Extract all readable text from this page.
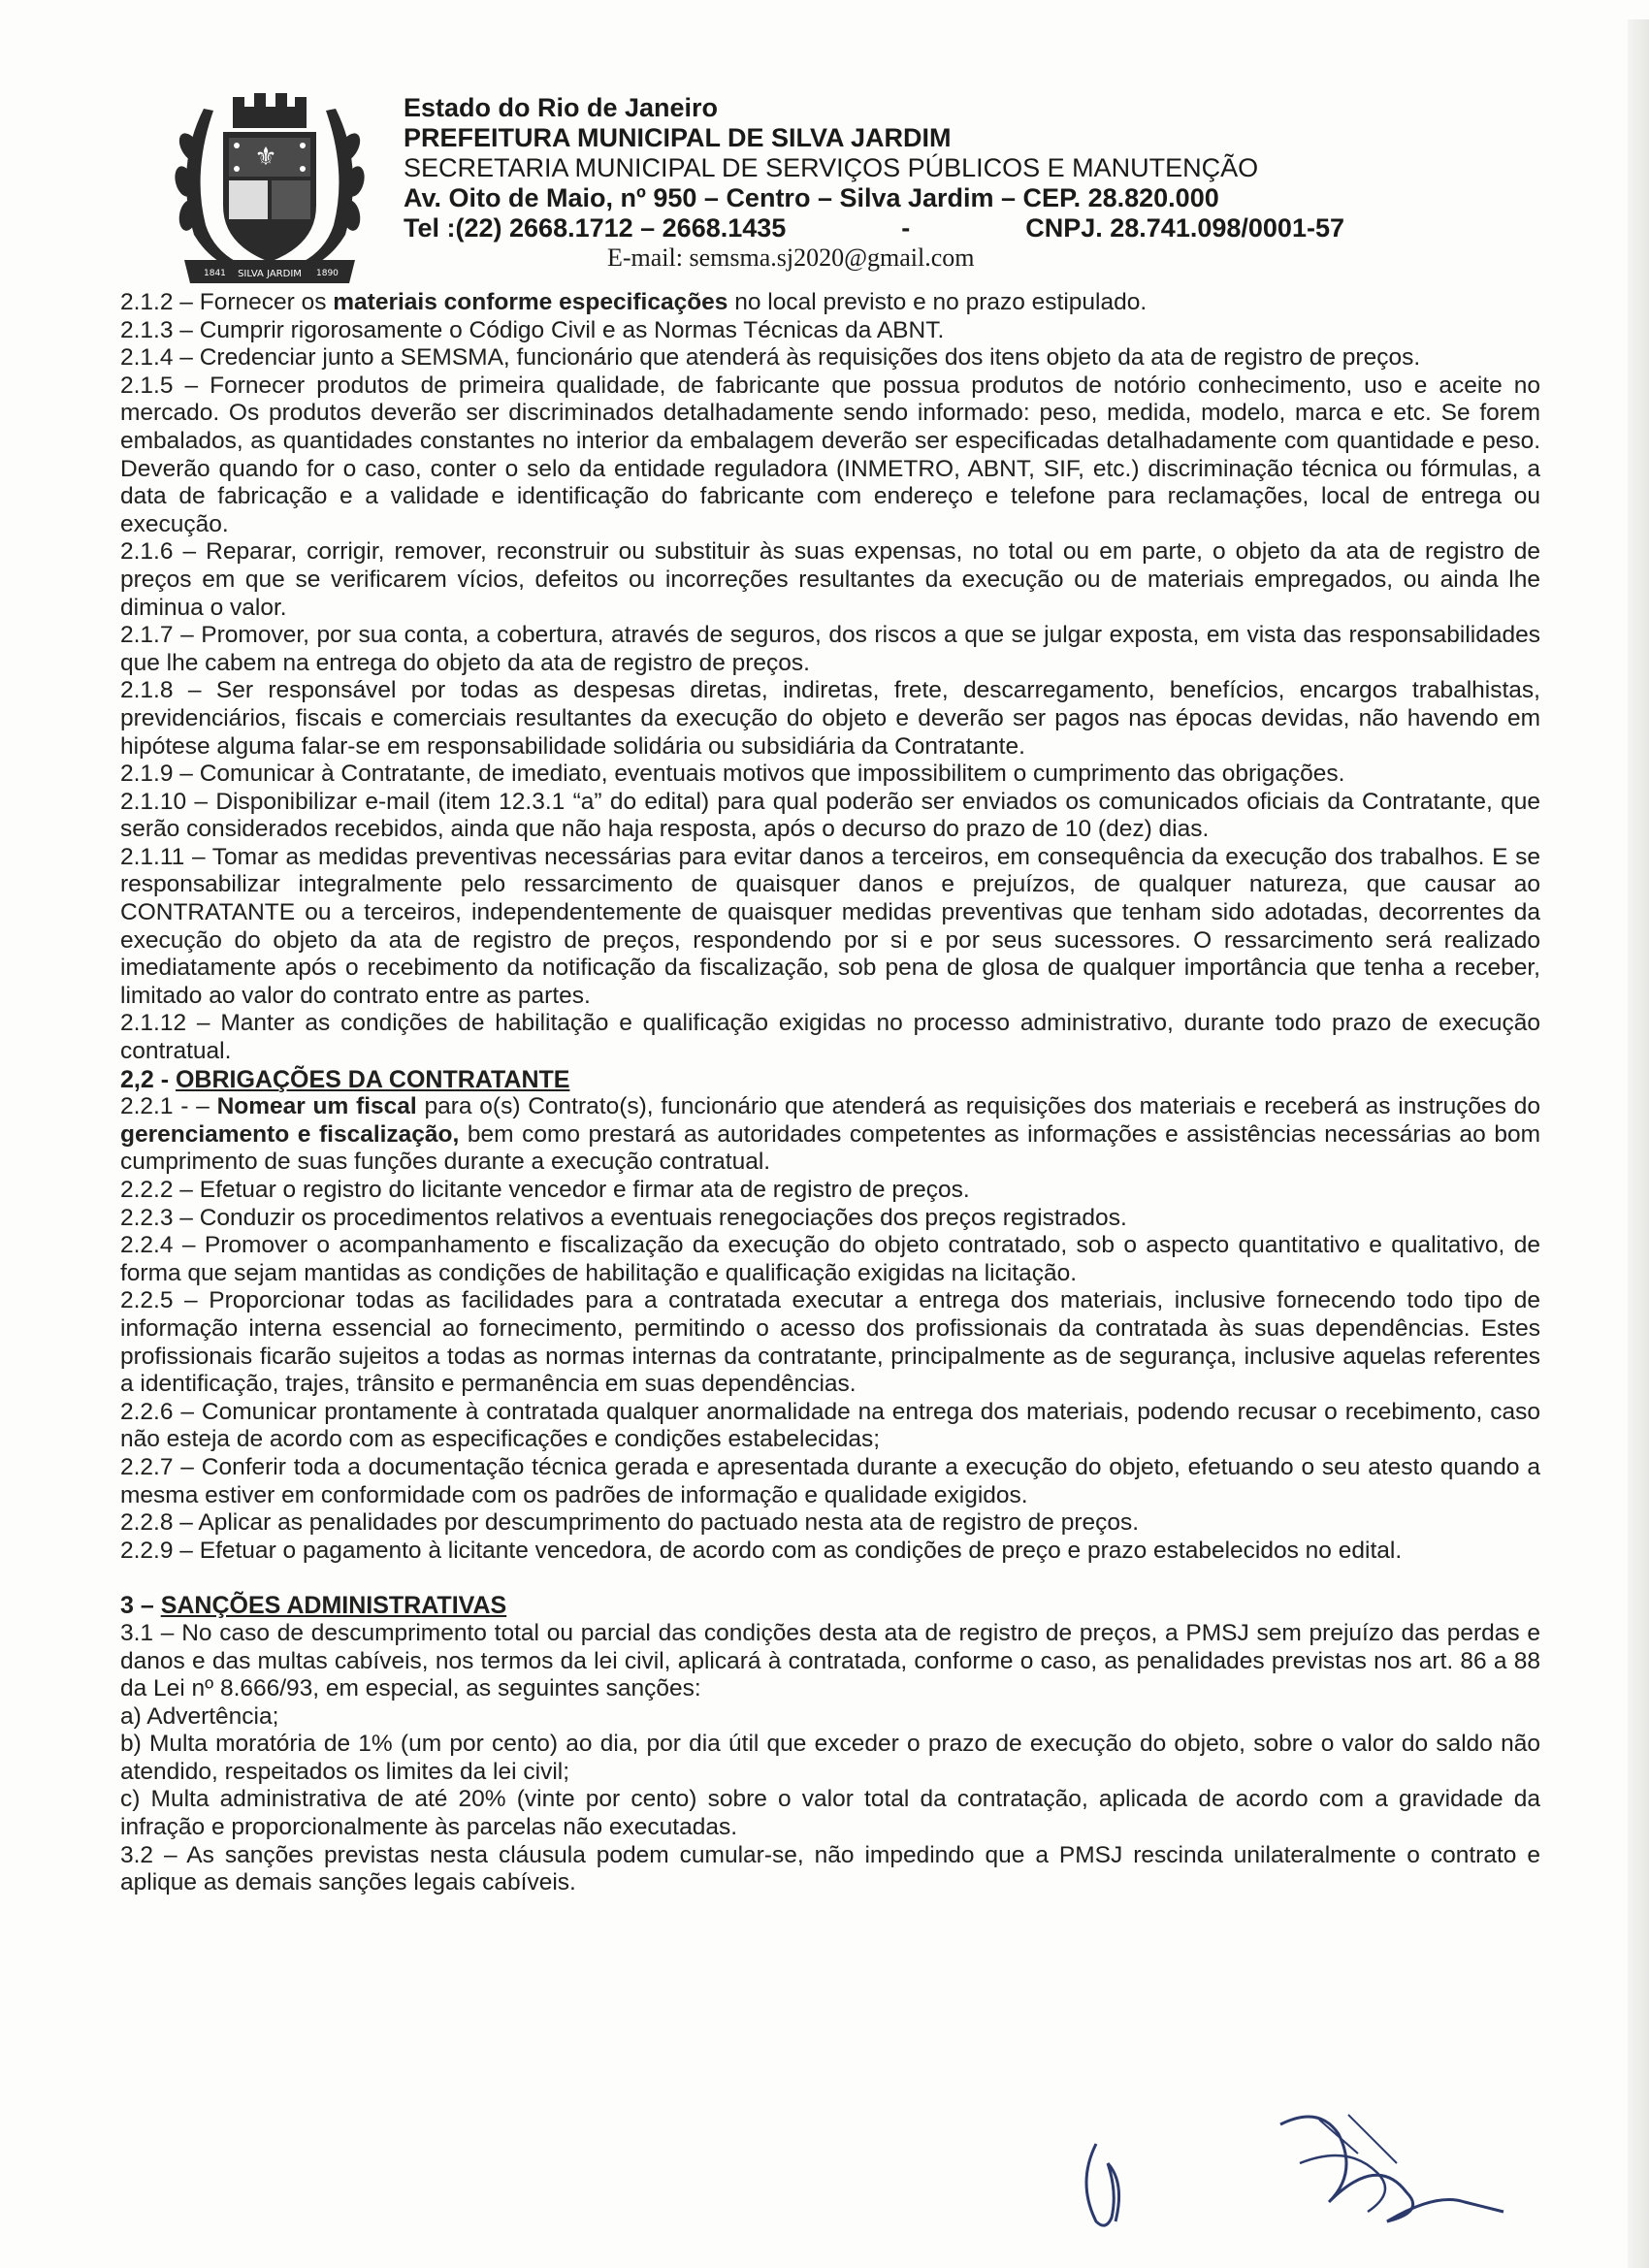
⚜
1841 SILVA JARDIM 1890
Estado do Rio de Janeiro
PREFEITURA MUNICIPAL DE SILVA JARDIM
SECRETARIA MUNICIPAL DE SERVIÇOS PÚBLICOS E MANUTENÇÃO
Av. Oito de Maio, nº 950 – Centro – Silva Jardim – CEP. 28.820.000
Tel :(22) 2668.1712 – 2668.1435	-	CNPJ. 28.741.098/0001-57
E-mail: semsma.sj2020@gmail.com

2.1.2 – Fornecer os materiais conforme especificações no local previsto e no prazo estipulado.

2.1.3 – Cumprir rigorosamente o Código Civil e as Normas Técnicas da ABNT.

2.1.4 – Credenciar junto a SEMSMA, funcionário que atenderá às requisições dos itens objeto da ata de registro de preços.

2.1.5 – Fornecer produtos de primeira qualidade, de fabricante que possua produtos de notório conhecimento, uso e aceite no mercado. Os produtos deverão ser discriminados detalhadamente sendo informado: peso, medida, modelo, marca e etc. Se forem embalados, as quantidades constantes no interior da embalagem deverão ser especificadas detalhadamente com quantidade e peso. Deverão quando for o caso, conter o selo da entidade reguladora (INMETRO, ABNT, SIF, etc.) discriminação técnica ou fórmulas, a data de fabricação e a validade e identificação do fabricante com endereço e telefone para reclamações, local de entrega ou execução.

2.1.6 – Reparar, corrigir, remover, reconstruir ou substituir às suas expensas, no total ou em parte, o objeto da ata de registro de preços em que se verificarem vícios, defeitos ou incorreções resultantes da execução ou de materiais empregados, ou ainda lhe diminua o valor.

2.1.7 – Promover, por sua conta, a cobertura, através de seguros, dos riscos a que se julgar exposta, em vista das responsabilidades que lhe cabem na entrega do objeto da ata de registro de preços.

2.1.8 – Ser responsável por todas as despesas diretas, indiretas, frete, descarregamento, benefícios, encargos trabalhistas, previdenciários, fiscais e comerciais resultantes da execução do objeto e deverão ser pagos nas épocas devidas, não havendo em hipótese alguma falar-se em responsabilidade solidária ou subsidiária da Contratante.

2.1.9 – Comunicar à Contratante, de imediato, eventuais motivos que impossibilitem o cumprimento das obrigações.

2.1.10 – Disponibilizar e-mail (item 12.3.1 “a” do edital) para qual poderão ser enviados os comunicados oficiais da Contratante, que serão considerados recebidos, ainda que não haja resposta, após o decurso do prazo de 10 (dez) dias.

2.1.11 – Tomar as medidas preventivas necessárias para evitar danos a terceiros, em consequência da execução dos trabalhos. E se responsabilizar integralmente pelo ressarcimento de quaisquer danos e prejuízos, de qualquer natureza, que causar ao CONTRATANTE ou a terceiros, independentemente de quaisquer medidas preventivas que tenham sido adotadas, decorrentes da execução do objeto da ata de registro de preços, respondendo por si e por seus sucessores. O ressarcimento será realizado imediatamente após o recebimento da notificação da fiscalização, sob pena de glosa de qualquer importância que tenha a receber, limitado ao valor do contrato entre as partes.

2.1.12 – Manter as condições de habilitação e qualificação exigidas no processo administrativo, durante todo prazo de execução contratual.

2,2 - OBRIGAÇÕES DA CONTRATANTE

2.2.1 - – Nomear um fiscal para o(s) Contrato(s), funcionário que atenderá as requisições dos materiais e receberá as instruções do gerenciamento e fiscalização, bem como prestará as autoridades competentes as informações e assistências necessárias ao bom cumprimento de suas funções durante a execução contratual.

2.2.2 – Efetuar o registro do licitante vencedor e firmar ata de registro de preços.

2.2.3 – Conduzir os procedimentos relativos a eventuais renegociações dos preços registrados.

2.2.4 – Promover o acompanhamento e fiscalização da execução do objeto contratado, sob o aspecto quantitativo e qualitativo, de forma que sejam mantidas as condições de habilitação e qualificação exigidas na licitação.

2.2.5 – Proporcionar todas as facilidades para a contratada executar a entrega dos materiais, inclusive fornecendo todo tipo de informação interna essencial ao fornecimento, permitindo o acesso dos profissionais da contratada às suas dependências. Estes profissionais ficarão sujeitos a todas as normas internas da contratante, principalmente as de segurança, inclusive aquelas referentes a identificação, trajes, trânsito e permanência em suas dependências.

2.2.6 – Comunicar prontamente à contratada qualquer anormalidade na entrega dos materiais, podendo recusar o recebimento, caso não esteja de acordo com as especificações e condições estabelecidas;

2.2.7 – Conferir toda a documentação técnica gerada e apresentada durante a execução do objeto, efetuando o seu atesto quando a mesma estiver em conformidade com os padrões de informação e qualidade exigidos.

2.2.8 – Aplicar as penalidades por descumprimento do pactuado nesta ata de registro de preços.

2.2.9 – Efetuar o pagamento à licitante vencedora, de acordo com as condições de preço e prazo estabelecidos no edital.

3 – SANÇÕES ADMINISTRATIVAS

3.1 – No caso de descumprimento total ou parcial das condições desta ata de registro de preços, a PMSJ sem prejuízo das perdas e danos e das multas cabíveis, nos termos da lei civil, aplicará à contratada, conforme o caso, as penalidades previstas nos art. 86 a 88 da Lei nº 8.666/93, em especial, as seguintes sanções:

a) Advertência;

b) Multa moratória de 1% (um por cento) ao dia, por dia útil que exceder o prazo de execução do objeto, sobre o valor do saldo não atendido, respeitados os limites da lei civil;

c) Multa administrativa de até 20% (vinte por cento) sobre o valor total da contratação, aplicada de acordo com a gravidade da infração e proporcionalmente às parcelas não executadas.

3.2 – As sanções previstas nesta cláusula podem cumular-se, não impedindo que a PMSJ rescinda unilateralmente o contrato e aplique as demais sanções legais cabíveis.
